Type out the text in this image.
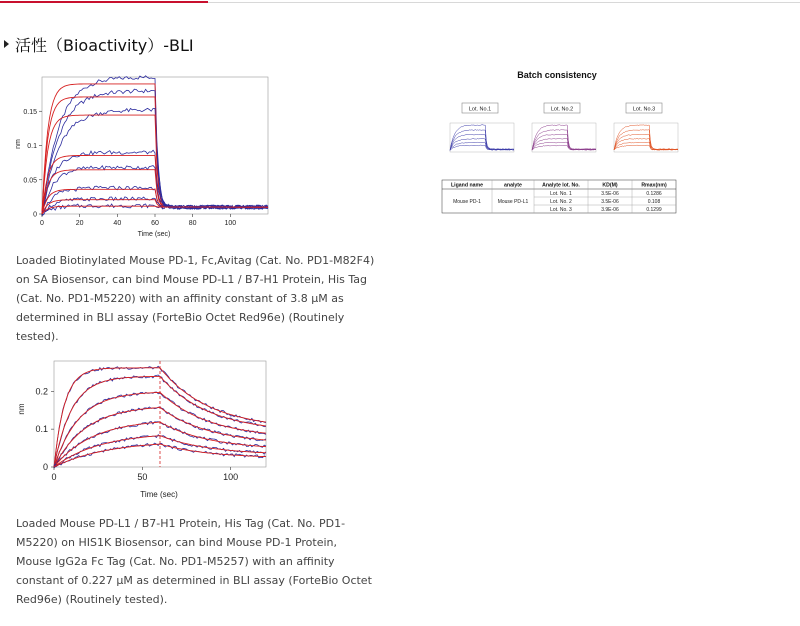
活性（Bioactivity）-BLI
0	20	40	60	80	100
0
0.05
0.1
0.15
Time (sec)
nm
Loaded Biotinylated Mouse PD-1, Fc,Avitag (Cat. No. PD1-M82F4) on SA Biosensor, can bind Mouse PD-L1 / B7-H1 Protein, His Tag (Cat. No. PD1-M5220) with an affinity constant of 3.8 μM as determined in BLI assay (ForteBio Octet Red96e) (Routinely tested).
0	50	100
0
0.1
0.2
Time (sec)
nm
Loaded Mouse PD-L1 / B7-H1 Protein, His Tag (Cat. No. PD1-M5220) on HIS1K Biosensor, can bind Mouse PD-1 Protein, Mouse IgG2a Fc Tag (Cat. No. PD1-M5257) with an affinity constant of 0.227 μM as determined in BLI assay (ForteBio Octet Red96e) (Routinely tested).
Batch consistency
Lot. No.1	Lot. No.2	Lot. No.3
Ligand name	analyte	Analyte lot. No.	KD(M)	Rmax(nm)
Mouse PD-1	Mouse PD-L1
Lot. No. 1	3.5E-06	0.1286
Lot. No. 2	3.5E-06	0.108
Lot. No. 3	3.9E-06	0.1299
